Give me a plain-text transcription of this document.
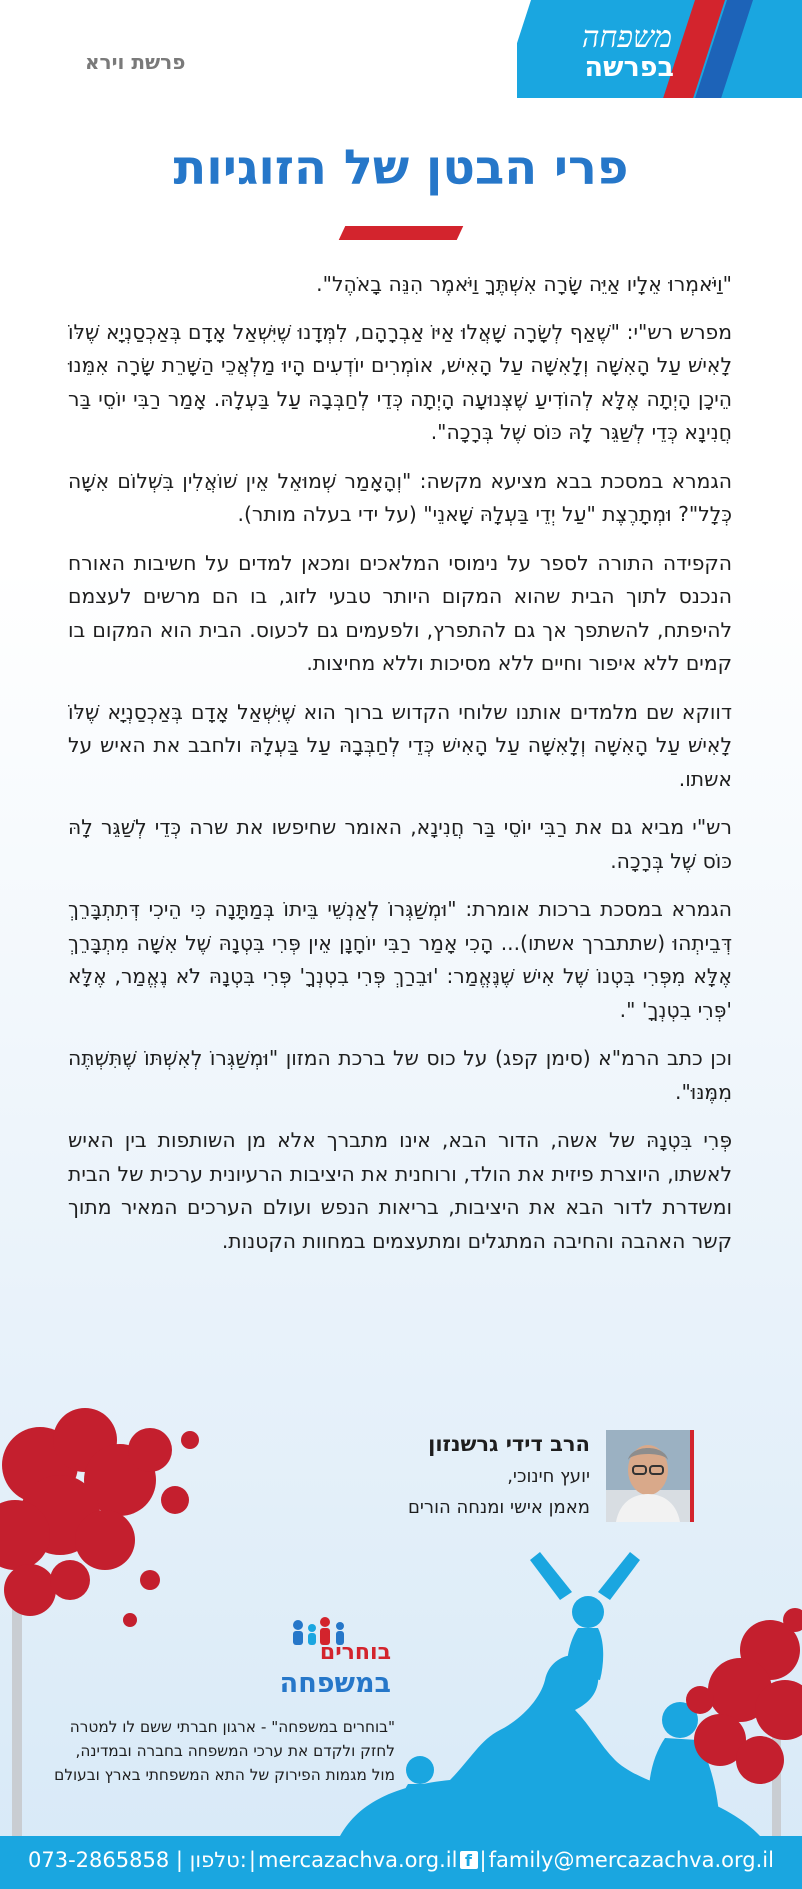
משפחה
בפרשה
פרשת וירא
פרי הבטן של הזוגיות

"וַיֹּאמְרוּ אֵלָיו אַיֵּה שָׂרָה אִשְׁתֶּךָ וַיֹּאמֶר הִנֵּה בָאֹהֶל".

מפרש רש"י: "שֶׁאַף לְשָׂרָה שָׁאֲלוּ אַיּוֹ אַבְרָהָם, לִמְּדָנוּ שֶׁיִּשְׁאַל אָדָם בְּאַכְסַנְיָא שֶׁלּוֹ לָאִישׁ עַל הָאִשָּׁה וְלָאִשָּׁה עַל הָאִישׁ, אוֹמְרִים יוֹדְעִים הָיוּ מַלְאֲכֵי הַשָּׁרֵת שָׂרָה אִמֵּנוּ הֵיכָן הָיְתָה אֶלָּא לְהוֹדִיעַ שֶׁצְּנוּעָה הָיְתָה כְּדֵי לְחַבְּבָהּ עַל בַּעְלָהּ. אָמַר רַבִּי יוֹסֵי בַּר חֲנִינָא כְּדֵי לְשַׁגֵּר לָהּ כּוֹס שֶׁל בְּרָכָה".

הגמרא במסכת בבא מציעא מקשה: "וְהָאָמַר שְׁמוּאֵל אֵין שׁוֹאֲלִין בִּשְׁלוֹם אִשָּׁה כְּלָל"? וּמְתָרֶצֶת "עַל יְדֵי בַּעְלָהּ שָׁאנֵי" (על ידי בעלה מותר).

הקפידה התורה לספר על נימוסי המלאכים ומכאן למדים על חשיבות האורח הנכנס לתוך הבית שהוא המקום היותר טבעי לזוג, בו הם מרשים לעצמם להיפתח, להשתפך אך גם להתפרץ, ולפעמים גם לכעוס. הבית הוא המקום בו קמים ללא איפור וחיים ללא מסיכות וללא מחיצות.

דווקא שם מלמדים אותנו שלוחי הקדוש ברוך הוא שֶׁיִּשְׁאַל אָדָם בְּאַכְסַנְיָא שֶׁלּוֹ לָאִישׁ עַל הָאִשָּׁה וְלָאִשָּׁה עַל הָאִישׁ כְּדֵי לְחַבְּבָהּ עַל בַּעְלָהּ ולחבב את האיש על אשתו.

רש"י מביא גם את רַבִּי יוֹסֵי בַּר חֲנִינָא, האומר שחיפשו את שרה כְּדֵי לְשַׁגֵּר לָהּ כּוֹס שֶׁל בְּרָכָה.

הגמרא במסכת ברכות אומרת: "וּמְשַׁגְּרוֹ לְאַנְשֵׁי בֵּיתוֹ בְּמַתָּנָה כִּי הֵיכִי דְּתִתְבָּרֵךְ דְּבֵיתְהוּ (שתתברך אשתו)... הָכִי אָמַר רַבִּי יוֹחָנָן אֵין פְּרִי בִּטְנָהּ שֶׁל אִשָּׁה מִתְבָּרֵךְ אֶלָּא מִפְּרִי בִּטְנוֹ שֶׁל אִישׁ שֶׁנֶּאֱמַר: 'וּבֵרַךְ פְּרִי בִטְנְךָ' פְּרִי בִּטְנָהּ לֹא נֶאֱמַר, אֶלָּא 'פְּרִי בִטְנְךָ' ".

וכן כתב הרמ"א (סימן קפג) על כוס של ברכת המזון "וּמְשַׁגְּרוֹ לְאִשְׁתּוֹ שֶׁתִּשְׁתֶּה מִמֶּנּוּ".

פְּרִי בִּטְנָהּ של אשה, הדור הבא, אינו מתברך אלא מן השותפות בין האיש לאשתו, היוצרת פיזית את הולד, ורוחנית את היציבות הרעיונית ערכית של הבית ומשדרת לדור הבא את היציבות, בריאות הנפש ועולם הערכים המאיר מתוך קשר האהבה והחיבה המתגלים ומתעצמים במחוות הקטנות.

הרב דידי גרשנזון
יועץ חינוכי,
מאמן אישי ומנחה הורים
בוחרים
במשפחה
"בוחרים במשפחה" - ארגון חברתי ששם לו למטרה
לחזק ולקדם את ערכי המשפחה בחברה ובמדינה,
מול מגמות הפירוק של התא המשפחתי בארץ ובעולם
073-2865858 | טלפון: | mercazachva.org.il f | family@mercazachva.org.il
